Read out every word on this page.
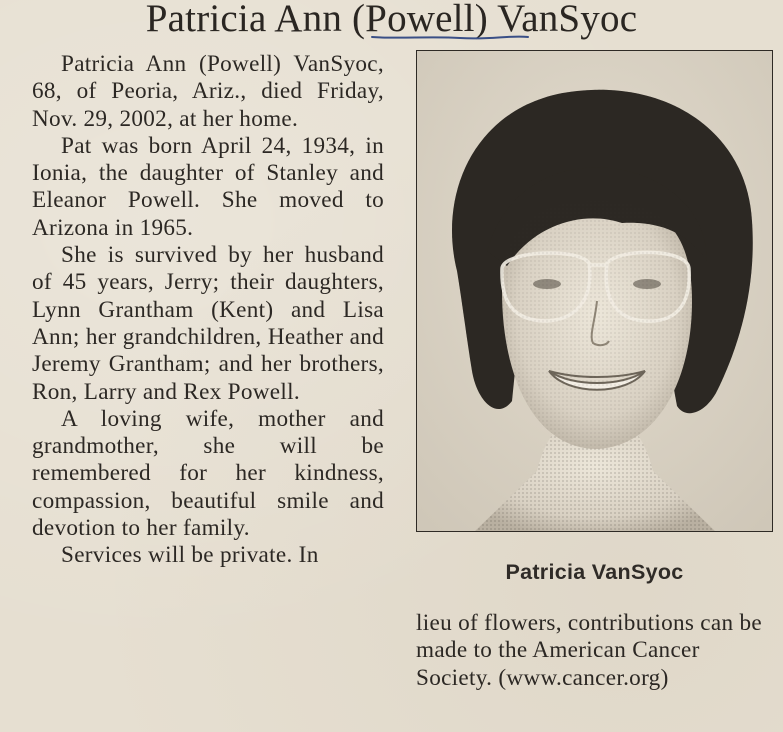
Patricia Ann (Powell) VanSyoc

Patricia Ann (Powell) VanSyoc, 68, of Peoria, Ariz., died Friday, Nov. 29, 2002, at her home.

Pat was born April 24, 1934, in Ionia, the daughter of Stanley and Eleanor Powell. She moved to Arizona in 1965.

She is survived by her husband of 45 years, Jerry; their daughters, Lynn Grantham (Kent) and Lisa Ann; her grandchildren, Heather and Jeremy Grantham; and her brothers, Ron, Larry and Rex Powell.

A loving wife, mother and grandmother, she will be remembered for her kindness, compassion, beautiful smile and devotion to her family.

Services will be private. In

Patricia VanSyoc

lieu of flowers, contributions can be made to the American Cancer Society. (www.cancer.org)
